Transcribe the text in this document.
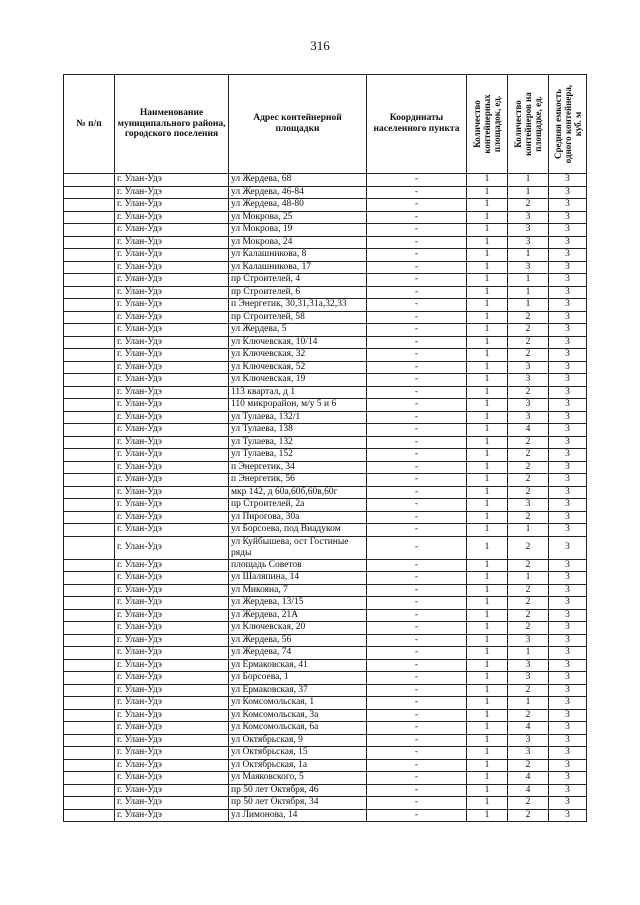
316
№ п/п	Наименование муниципального района, городского поселения	Адрес контейнерной площадки	Координаты населенного пункта	Количество контейнерных площадок, ед.	Количество контейнеров на площадке, ед.	Средняя емкость одного контейнера, куб. м

	г. Улан-Удэ	ул Жердева, 68	-	1	1	3
	г. Улан-Удэ	ул Жердева, 46-84	-	1	1	3
	г. Улан-Удэ	ул Жердева, 48-80	-	1	2	3
	г. Улан-Удэ	ул Мокрова, 25	-	1	3	3
	г. Улан-Удэ	ул Мокрова, 19	-	1	3	3
	г. Улан-Удэ	ул Мокрова, 24	-	1	3	3
	г. Улан-Удэ	ул Калашникова, 8	-	1	1	3
	г. Улан-Удэ	ул Калашникова, 17	-	1	3	3
	г. Улан-Удэ	пр Строителей, 4	-	1	1	3
	г. Улан-Удэ	пр Строителей, 6	-	1	1	3
	г. Улан-Удэ	п Энергетик, 30,31,31а,32,33	-	1	1	3
	г. Улан-Удэ	пр Строителей, 58	-	1	2	3
	г. Улан-Удэ	ул Жердева, 5	-	1	2	3
	г. Улан-Удэ	ул Ключевская, 10/14	-	1	2	3
	г. Улан-Удэ	ул Ключевская, 32	-	1	2	3
	г. Улан-Удэ	ул Ключевская, 52	-	1	3	3
	г. Улан-Удэ	ул Ключевская, 19	-	1	3	3
	г. Улан-Удэ	113 квартал, д 1	-	1	2	3
	г. Улан-Удэ	110 микрорайон, м/у 5 и 6	-	1	3	3
	г. Улан-Удэ	ул Тулаева, 132/1	-	1	3	3
	г. Улан-Удэ	ул Тулаева, 138	-	1	4	3
	г. Улан-Удэ	ул Тулаева, 132	-	1	2	3
	г. Улан-Удэ	ул Тулаева, 152	-	1	2	3
	г. Улан-Удэ	п Энергетик, 34	-	1	2	3
	г. Улан-Удэ	п Энергетик, 56	-	1	2	3
	г. Улан-Удэ	мкр 142, д 60а,60б,60в,60г	-	1	2	3
	г. Улан-Удэ	пр Строителей, 2а	-	1	3	3
	г. Улан-Удэ	ул Пирогова, 30а	-	1	2	3
	г. Улан-Удэ	ул Борсоева, под Виадуком	-	1	1	3
	г. Улан-Удэ	ул Куйбышева, ост Гостиные ряды	-	1	2	3
	г. Улан-Удэ	площадь Советов	-	1	2	3
	г. Улан-Удэ	ул Шаляпина, 14	-	1	1	3
	г. Улан-Удэ	ул Микояна, 7	-	1	2	3
	г. Улан-Удэ	ул Жердева, 13/15	-	1	2	3
	г. Улан-Удэ	ул Жердева, 21А	-	1	2	3
	г. Улан-Удэ	ул Ключевская, 20	-	1	2	3
	г. Улан-Удэ	ул Жердева, 56	-	1	3	3
	г. Улан-Удэ	ул Жердева, 74	-	1	1	3
	г. Улан-Удэ	ул Ермаковская, 41	-	1	3	3
	г. Улан-Удэ	ул Борсоева, 1	-	1	3	3
	г. Улан-Удэ	ул Ермаковская, 37	-	1	2	3
	г. Улан-Удэ	ул Комсомольская, 1	-	1	1	3
	г. Улан-Удэ	ул Комсомольская, 3а	-	1	2	3
	г. Улан-Удэ	ул Комсомольская, 6а	-	1	4	3
	г. Улан-Удэ	ул Октябрьская, 9	-	1	3	3
	г. Улан-Удэ	ул Октябрьская, 15	-	1	3	3
	г. Улан-Удэ	ул Октябрьская, 1а	-	1	2	3
	г. Улан-Удэ	ул Маяковского, 5	-	1	4	3
	г. Улан-Удэ	пр 50 лет Октября, 46	-	1	4	3
	г. Улан-Удэ	пр 50 лет Октября, 34	-	1	2	3
	г. Улан-Удэ	ул Лимонова, 14	-	1	2	3
